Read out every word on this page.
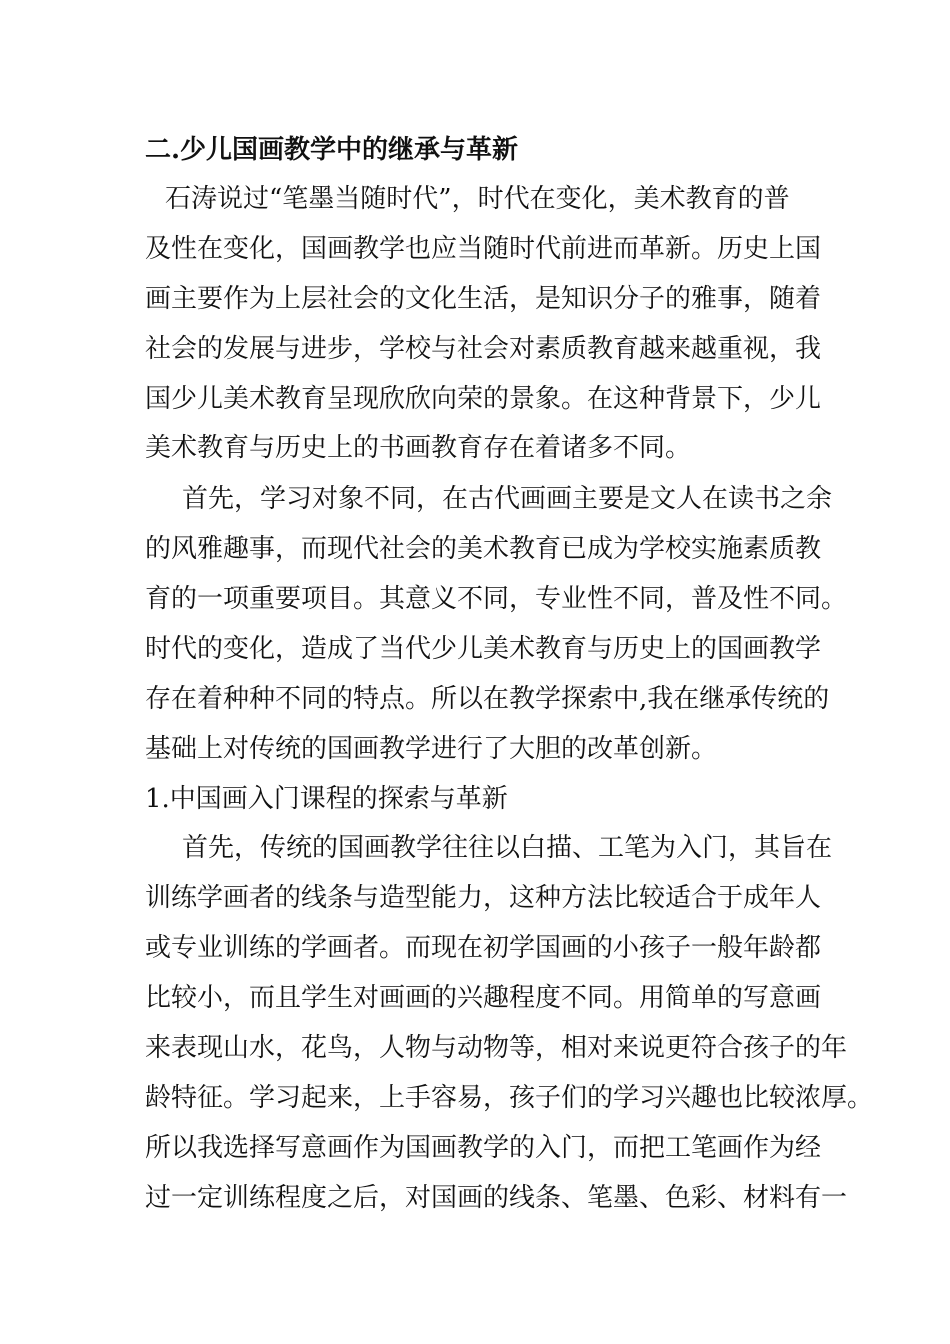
二.少儿国画教学中的继承与革新
石涛说过“笔墨当随时代”，时代在变化，美术教育的普
及性在变化，国画教学也应当随时代前进而革新。历史上国
画主要作为上层社会的文化生活，是知识分子的雅事，随着
社会的发展与进步，学校与社会对素质教育越来越重视，我
国少儿美术教育呈现欣欣向荣的景象。在这种背景下，少儿
美术教育与历史上的书画教育存在着诸多不同。
首先，学习对象不同，在古代画画主要是文人在读书之余
的风雅趣事，而现代社会的美术教育已成为学校实施素质教
育的一项重要项目。其意义不同，专业性不同，普及性不同。
时代的变化，造成了当代少儿美术教育与历史上的国画教学
存在着种种不同的特点。所以在教学探索中,我在继承传统的
基础上对传统的国画教学进行了大胆的改革创新。
1.中国画入门课程的探索与革新
首先，传统的国画教学往往以白描、工笔为入门，其旨在
训练学画者的线条与造型能力，这种方法比较适合于成年人
或专业训练的学画者。而现在初学国画的小孩子一般年龄都
比较小，而且学生对画画的兴趣程度不同。用简单的写意画
来表现山水，花鸟，人物与动物等，相对来说更符合孩子的年
龄特征。学习起来，上手容易，孩子们的学习兴趣也比较浓厚。
所以我选择写意画作为国画教学的入门，而把工笔画作为经
过一定训练程度之后，对国画的线条、笔墨、色彩、材料有一
